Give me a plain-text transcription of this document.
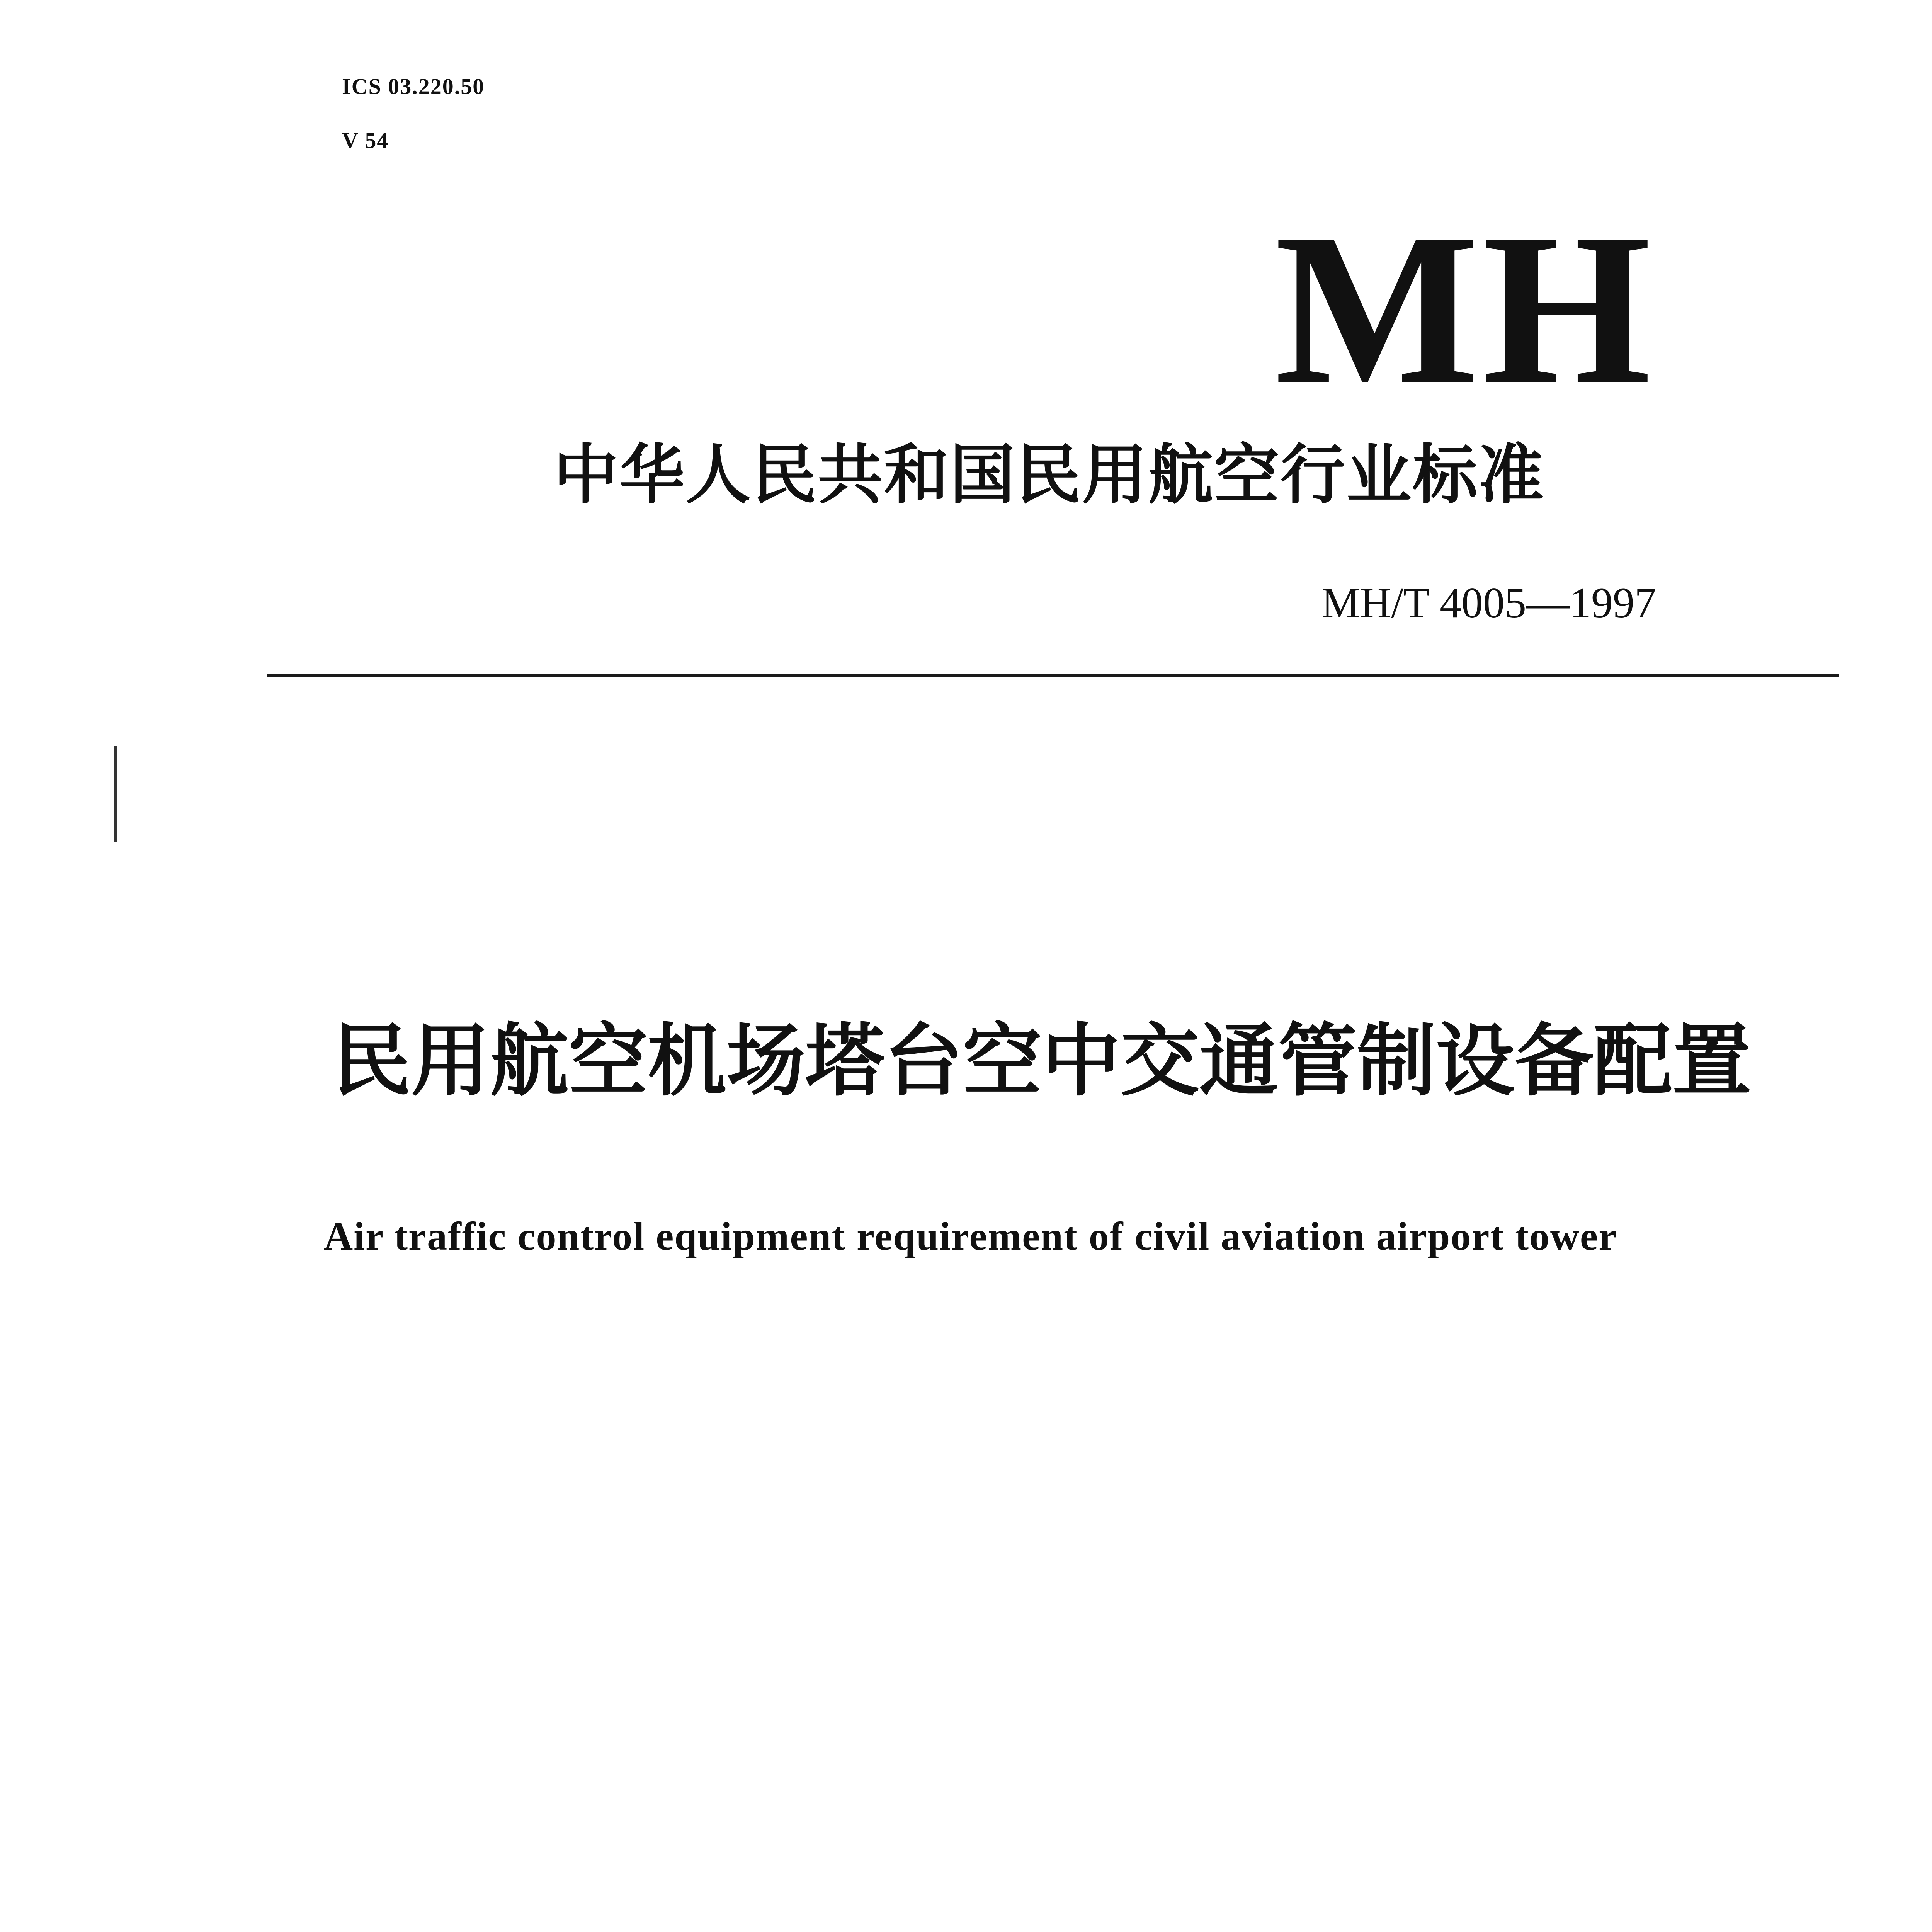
ICS 03.220.50
V 54
MH
中华人民共和国民用航空行业标准
MH/T 4005—1997
民用航空机场塔台空中交通管制设备配置
Air traffic control equipment requirement of civil aviation airport tower
